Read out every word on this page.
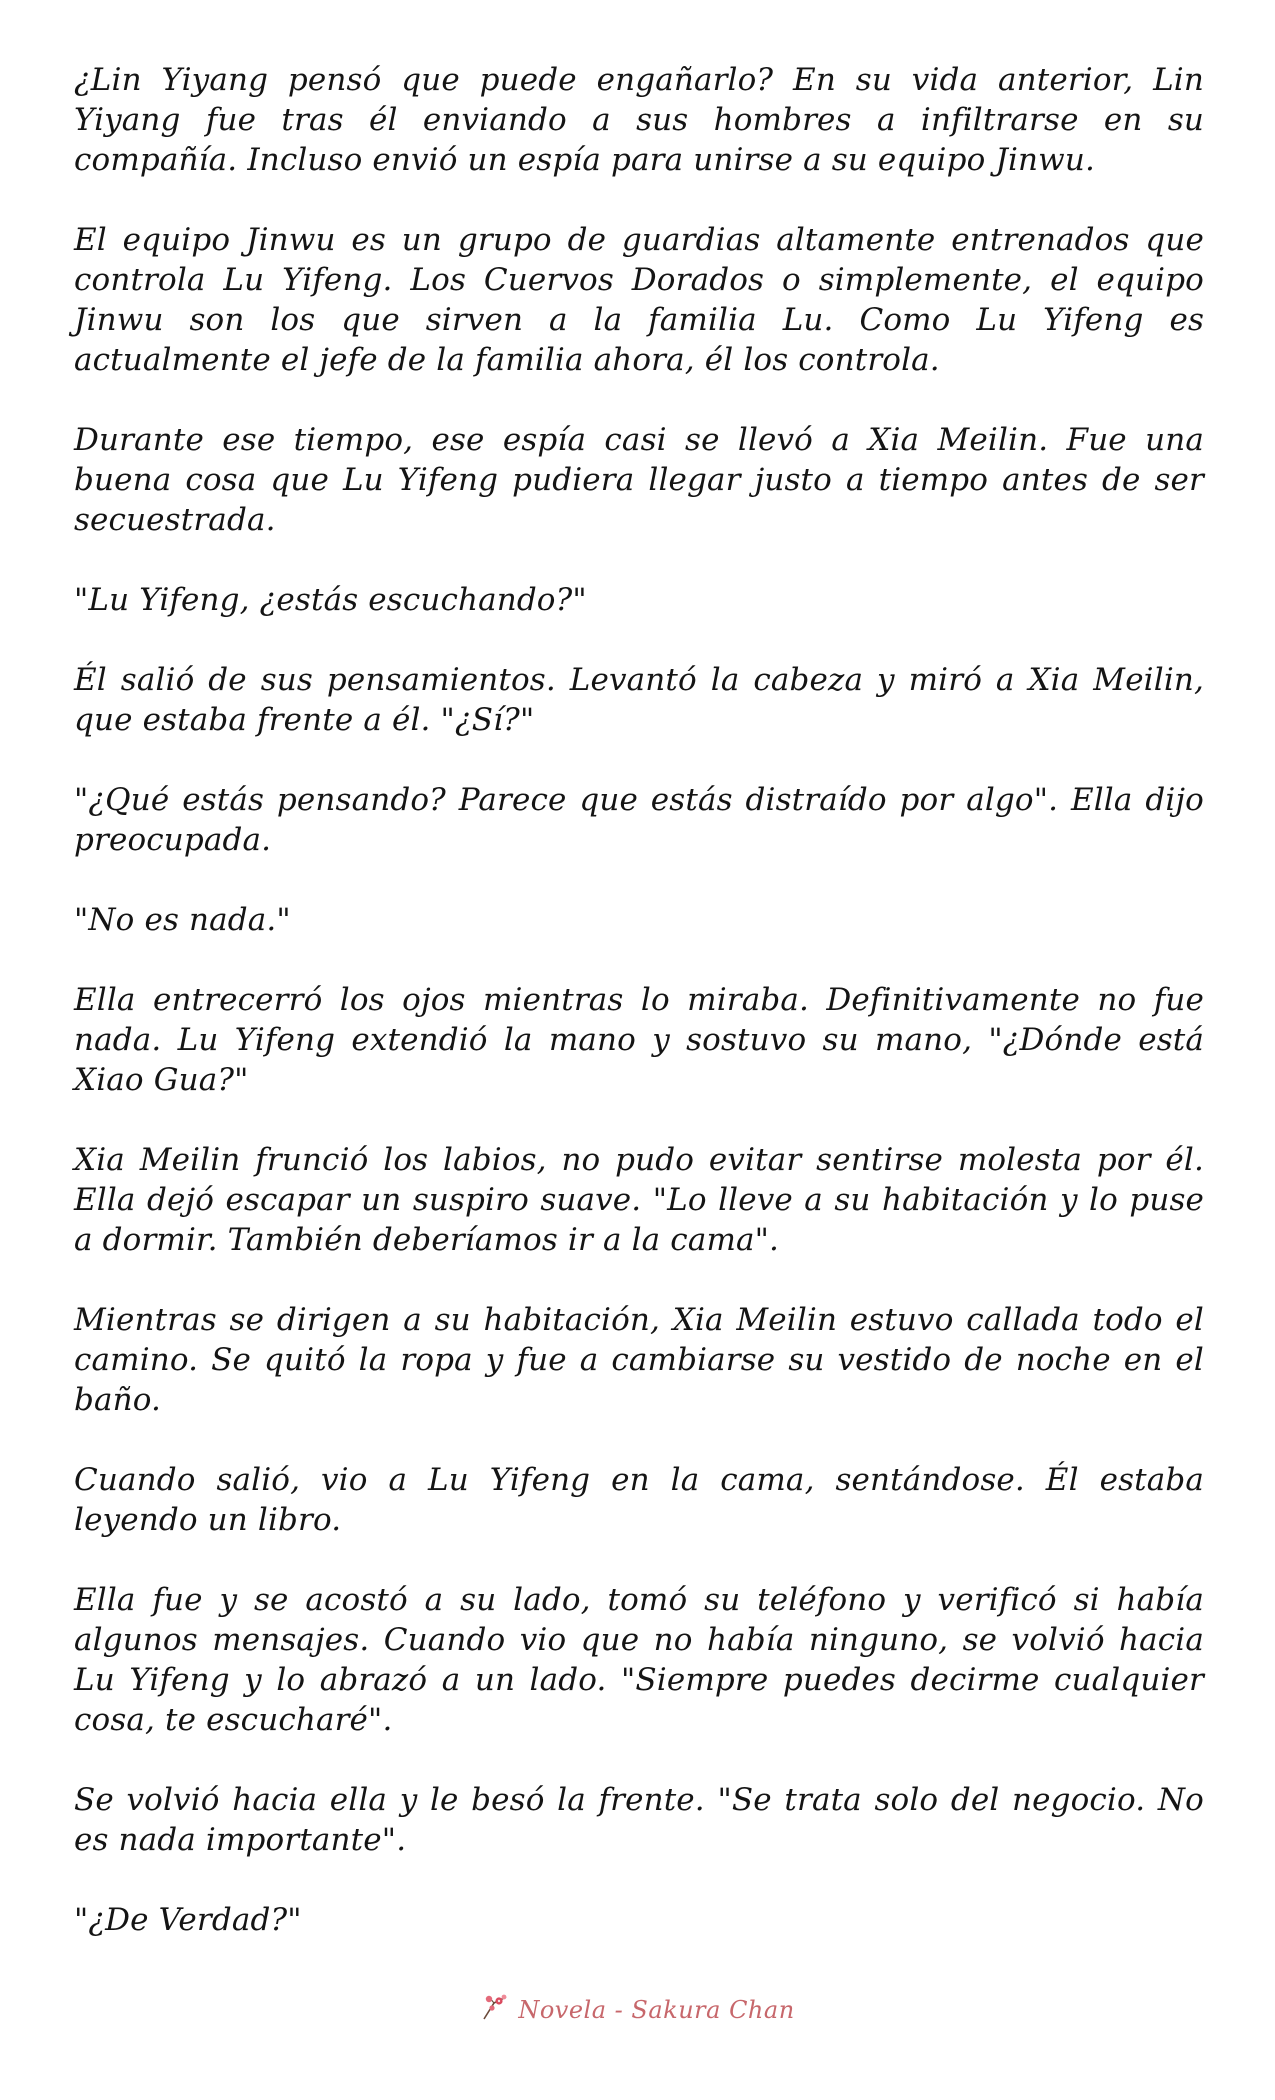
¿Lin Yiyang pensó que puede engañarlo? En su vida anterior, Lin Yiyang fue tras él enviando a sus hombres a infiltrarse en su compañía. Incluso envió un espía para unirse a su equipo Jinwu.

El equipo Jinwu es un grupo de guardias altamente entrenados que controla Lu Yifeng. Los Cuervos Dorados o simplemente, el equipo Jinwu son los que sirven a la familia Lu. Como Lu Yifeng es actualmente el jefe de la familia ahora, él los controla.

Durante ese tiempo, ese espía casi se llevó a Xia Meilin. Fue una buena cosa que Lu Yifeng pudiera llegar justo a tiempo antes de ser secuestrada.

"Lu Yifeng, ¿estás escuchando?"

Él salió de sus pensamientos. Levantó la cabeza y miró a Xia Meilin, que estaba frente a él. "¿Sí?"

"¿Qué estás pensando? Parece que estás distraído por algo". Ella dijo preocupada.

"No es nada."

Ella entrecerró los ojos mientras lo miraba. Definitivamente no fue nada. Lu Yifeng extendió la mano y sostuvo su mano, "¿Dónde está Xiao Gua?"

Xia Meilin frunció los labios, no pudo evitar sentirse molesta por él. Ella dejó escapar un suspiro suave. "Lo lleve a su habitación y lo puse a dormir. También deberíamos ir a la cama".

Mientras se dirigen a su habitación, Xia Meilin estuvo callada todo el camino. Se quitó la ropa y fue a cambiarse su vestido de noche en el baño.

Cuando salió, vio a Lu Yifeng en la cama, sentándose. Él estaba leyendo un libro.

Ella fue y se acostó a su lado, tomó su teléfono y verificó si había algunos mensajes. Cuando vio que no había ninguno, se volvió hacia Lu Yifeng y lo abrazó a un lado. "Siempre puedes decirme cualquier cosa, te escucharé".

Se volvió hacia ella y le besó la frente. "Se trata solo del negocio. No es nada importante".

"¿De Verdad?"

Novela - Sakura Chan
